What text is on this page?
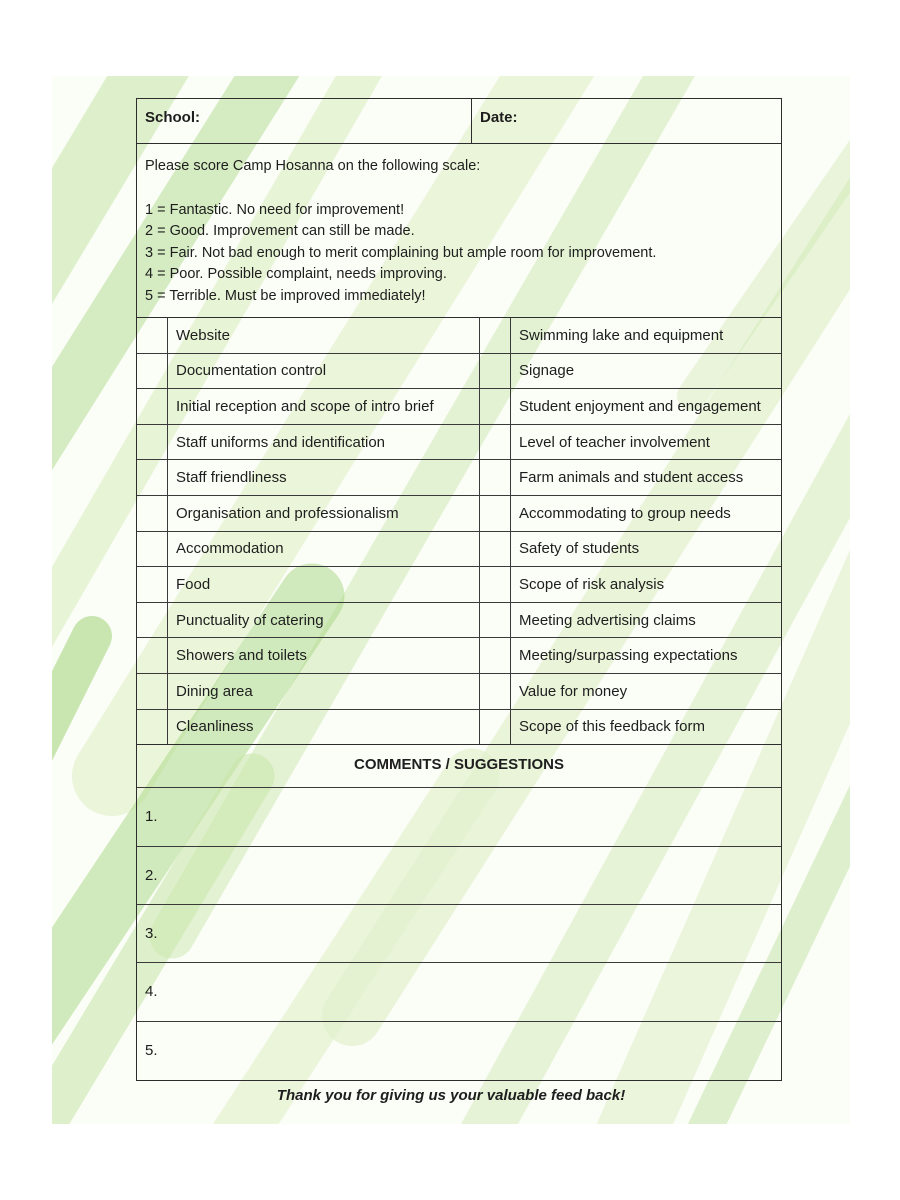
School:	Date:
Please score Camp Hosanna on the following scale:
1 = Fantastic. No need for improvement!
2 = Good. Improvement can still be made.
3 = Fair. Not bad enough to merit complaining but ample room for improvement.
4 = Poor. Possible complaint, needs improving.
5 = Terrible. Must be improved immediately!
	Website		Swimming lake and equipment
	Documentation control		Signage
	Initial reception and scope of intro brief		Student enjoyment and engagement
	Staff uniforms and identification		Level of teacher involvement
	Staff friendliness		Farm animals and student access
	Organisation and professionalism		Accommodating to group needs
	Accommodation		Safety of students
	Food		Scope of risk analysis
	Punctuality of catering		Meeting advertising claims
	Showers and toilets		Meeting/surpassing expectations
	Dining area		Value for money
	Cleanliness		Scope of this feedback form
COMMENTS / SUGGESTIONS
1.
2.
3.
4.
5.
Thank you for giving us your valuable feed back!
